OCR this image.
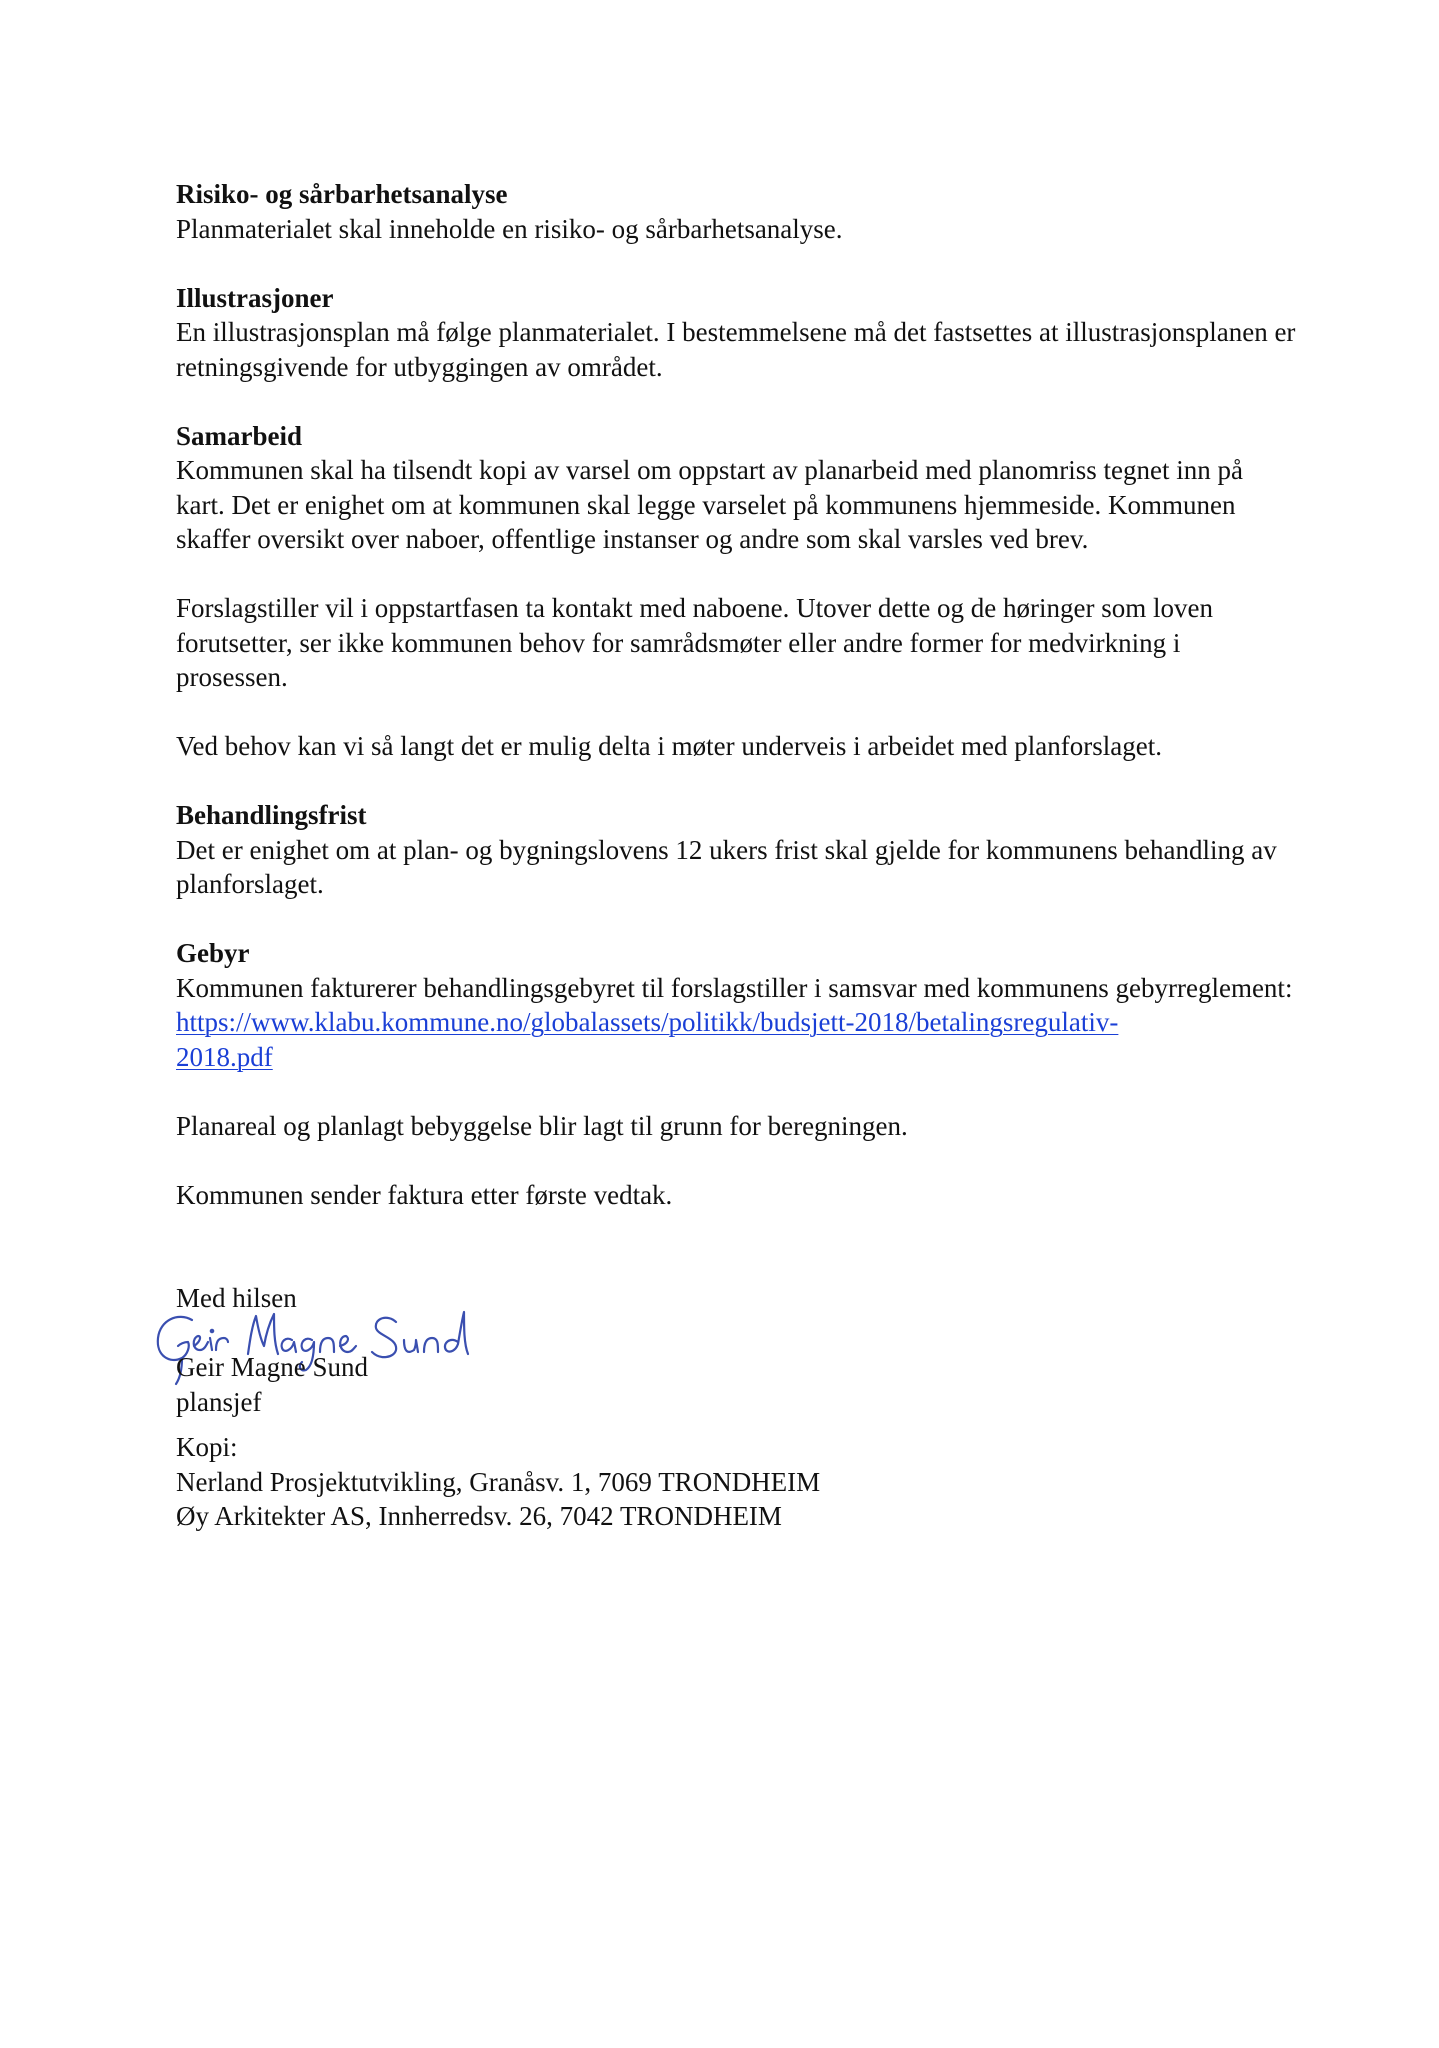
Risiko- og sårbarhetsanalyse

Planmaterialet skal inneholde en risiko- og sårbarhetsanalyse.

Illustrasjoner

En illustrasjonsplan må følge planmaterialet. I bestemmelsene må det fastsettes at illustrasjonsplanen er retningsgivende for utbyggingen av området.

Samarbeid

Kommunen skal ha tilsendt kopi av varsel om oppstart av planarbeid med planomriss tegnet inn på kart. Det er enighet om at kommunen skal legge varselet på kommunens hjemmeside. Kommunen skaffer oversikt over naboer, offentlige instanser og andre som skal varsles ved brev.

Forslagstiller vil i oppstartfasen ta kontakt med naboene. Utover dette og de høringer som loven forutsetter, ser ikke kommunen behov for samrådsmøter eller andre former for medvirkning i prosessen.

Ved behov kan vi så langt det er mulig delta i møter underveis i arbeidet med planforslaget.

Behandlingsfrist

Det er enighet om at plan- og bygningslovens 12 ukers frist skal gjelde for kommunens behandling av planforslaget.

Gebyr

Kommunen fakturerer behandlingsgebyret til forslagstiller i samsvar med kommunens gebyrreglement:

https://www.klabu.kommune.no/globalassets/politikk/budsjett-2018/betalingsregulativ-
2018.pdf

Planareal og planlagt bebyggelse blir lagt til grunn for beregningen.

Kommunen sender faktura etter første vedtak.

Med hilsen
Geir Magne Sund
plansjef
Kopi:
Nerland Prosjektutvikling, Granåsv. 1, 7069 TRONDHEIM
Øy Arkitekter AS, Innherredsv. 26, 7042 TRONDHEIM
